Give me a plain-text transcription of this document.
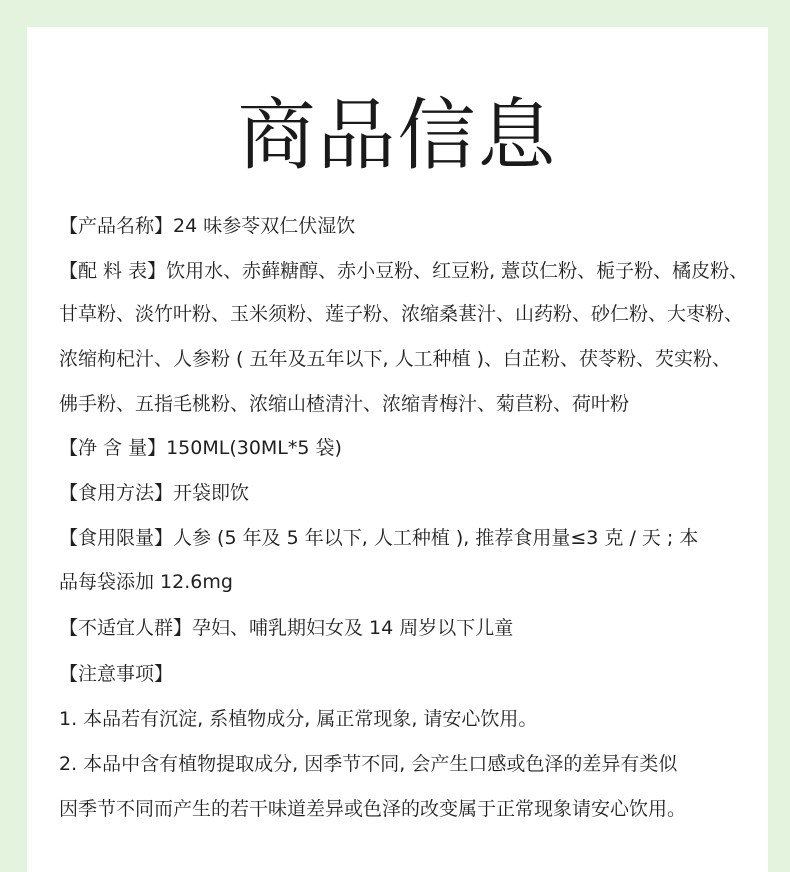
商品信息
【产品名称】24 味参苓双仁伏湿饮
【配 料 表】饮用水、赤藓糖醇、赤小豆粉、红豆粉, 薏苡仁粉、栀子粉、橘皮粉、
甘草粉、淡竹叶粉、玉米须粉、莲子粉、浓缩桑葚汁、山药粉、砂仁粉、大枣粉、
浓缩枸杞汁、人参粉 ( 五年及五年以下, 人工种植 )、白芷粉、茯苓粉、芡实粉、
佛手粉、五指毛桃粉、浓缩山楂清汁、浓缩青梅汁、菊苣粉、荷叶粉
【净 含 量】150ML(30ML*5 袋)
【食用方法】开袋即饮
【食用限量】人参 (5 年及 5 年以下, 人工种植 ), 推荐食用量≤3 克 / 天 ; 本
品每袋添加 12.6mg
【不适宜人群】孕妇、哺乳期妇女及 14 周岁以下儿童
【注意事项】
1. 本品若有沉淀, 系植物成分, 属正常现象, 请安心饮用。
2. 本品中含有植物提取成分, 因季节不同, 会产生口感或色泽的差异有类似
因季节不同而产生的若干味道差异或色泽的改变属于正常现象请安心饮用。
